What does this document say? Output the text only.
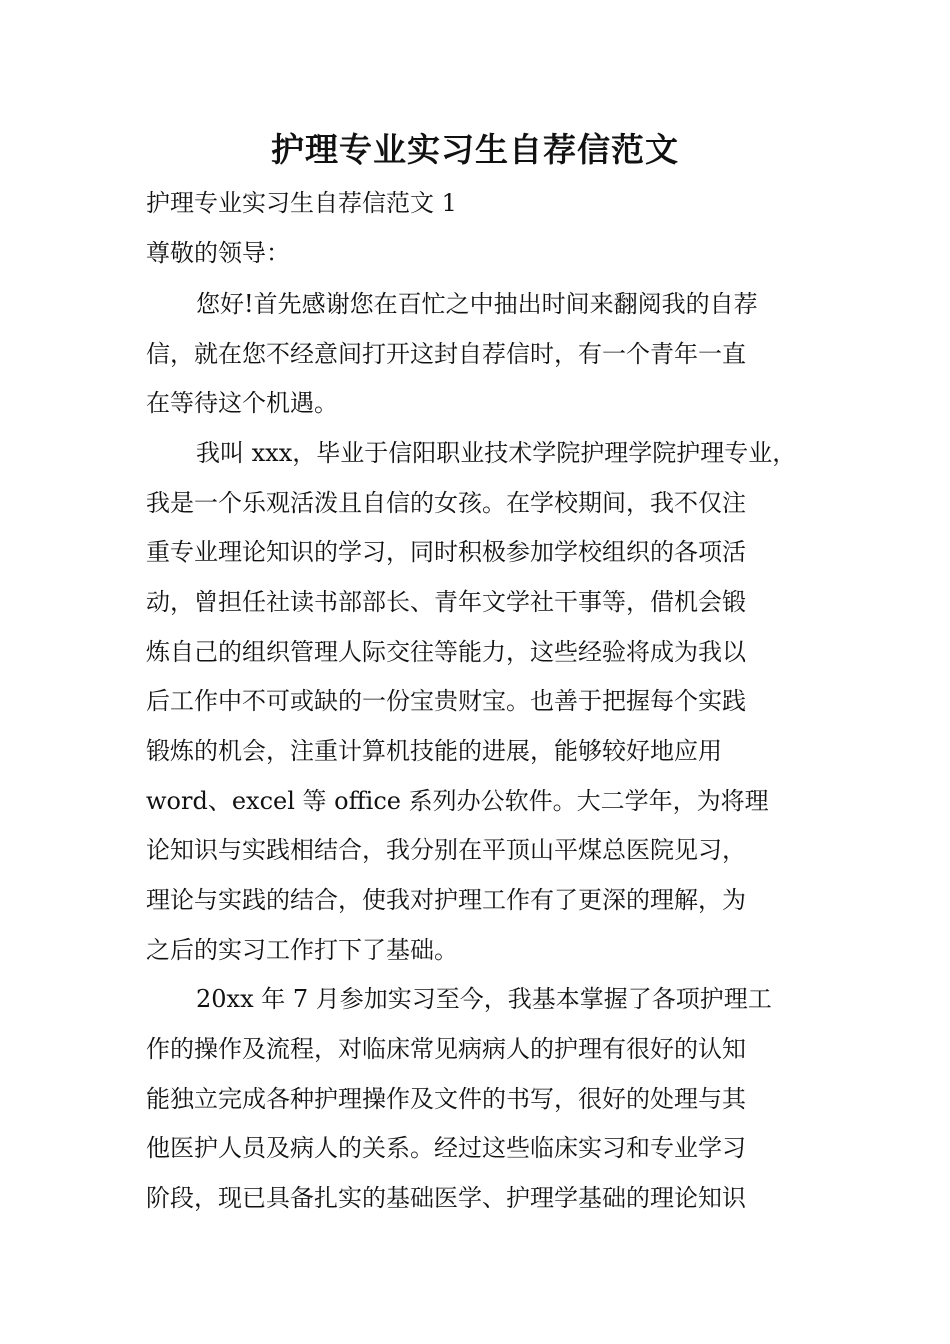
护理专业实习生自荐信范文

护理专业实习生自荐信范文 1

尊敬的领导：

您好!首先感谢您在百忙之中抽出时间来翻阅我的自荐

信，就在您不经意间打开这封自荐信时，有一个青年一直

在等待这个机遇。

我叫 xxx，毕业于信阳职业技术学院护理学院护理专业，

我是一个乐观活泼且自信的女孩。在学校期间，我不仅注

重专业理论知识的学习，同时积极参加学校组织的各项活

动，曾担任社读书部部长、青年文学社干事等，借机会锻

炼自己的组织管理人际交往等能力，这些经验将成为我以

后工作中不可或缺的一份宝贵财宝。也善于把握每个实践

锻炼的机会，注重计算机技能的进展，能够较好地应用

word、excel 等 office 系列办公软件。大二学年，为将理

论知识与实践相结合，我分别在平顶山平煤总医院见习，

理论与实践的结合，使我对护理工作有了更深的理解，为

之后的实习工作打下了基础。

20xx 年 7 月参加实习至今，我基本掌握了各项护理工

作的操作及流程，对临床常见病病人的护理有很好的认知

能独立完成各种护理操作及文件的书写，很好的处理与其

他医护人员及病人的关系。经过这些临床实习和专业学习

阶段，现已具备扎实的基础医学、护理学基础的理论知识
